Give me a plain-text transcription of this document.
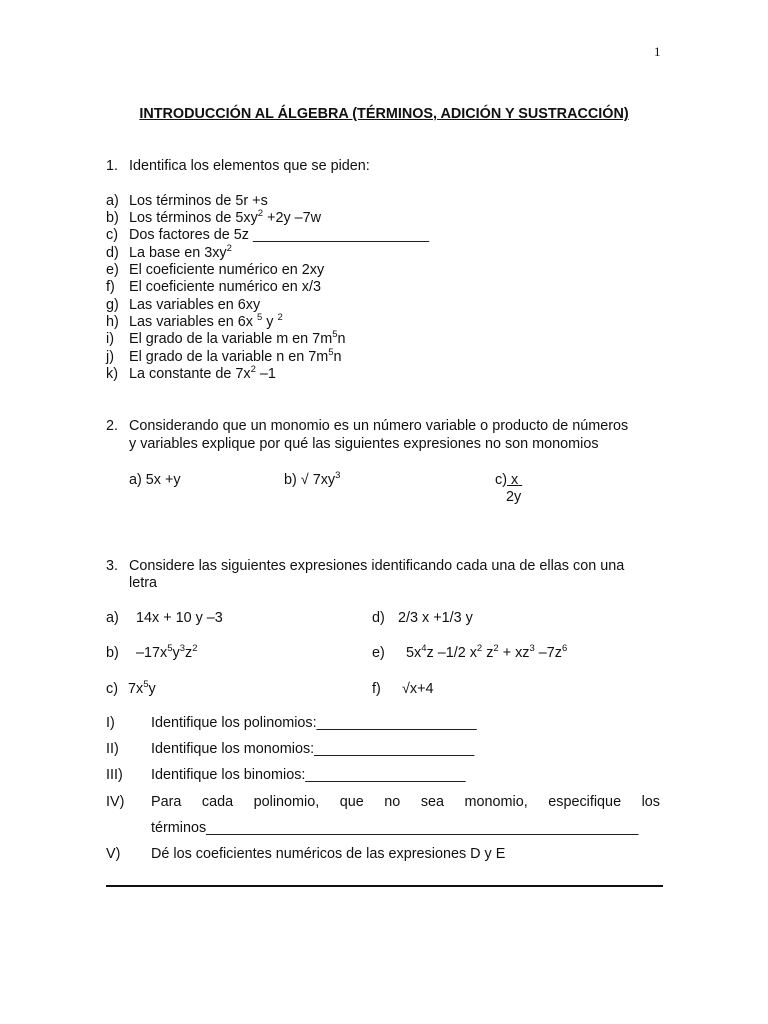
1
INTRODUCCIÓN AL ÁLGEBRA (TÉRMINOS, ADICIÓN Y SUSTRACCIÓN)
1. Identifica los elementos que se piden:
a) Los términos de 5r +s
b) Los términos de $5xy^2 +2y$ –7w
c) Dos factores de 5z ______________________
d) La base en $3xy^2$
e) El coeficiente numérico en 2xy
f) El coeficiente numérico en x/3
g) Las variables en 6xy
h) Las variables en 6x $^5$ y $^2$
i) El grado de la variable m en $7m^5n$
j) El grado de la variable n en $7m^5n$
k) La constante de $7x^2$ –1
2. Considerando que un monomio es un número variable o producto de números
y variables explique por qué las siguientes expresiones no son monomios
a) 5x +y	b) √ $7xy^3$	c) x
2y
3. Considere las siguientes expresiones identificando cada una de ellas con una
letra
a) 14x + 10 y –3	d) 2/3 x +1/3 y
b)  $-17x^5y^3z^2$	e)   $5x^4z$ –1/2 $x^2$ $z^2 + xz^3$ $-7z^6$
c) $7x^5y$	f) √x+4
I)	Identifique los polinomios:____________________
II) Identifique los monomios:____________________
III) Identifique los binomios:____________________
IV) Para cada polinomio, que no sea monomio, especifique los
términos______________________________________________________
V) Dé los coeficientes numéricos de las expresiones D y E
